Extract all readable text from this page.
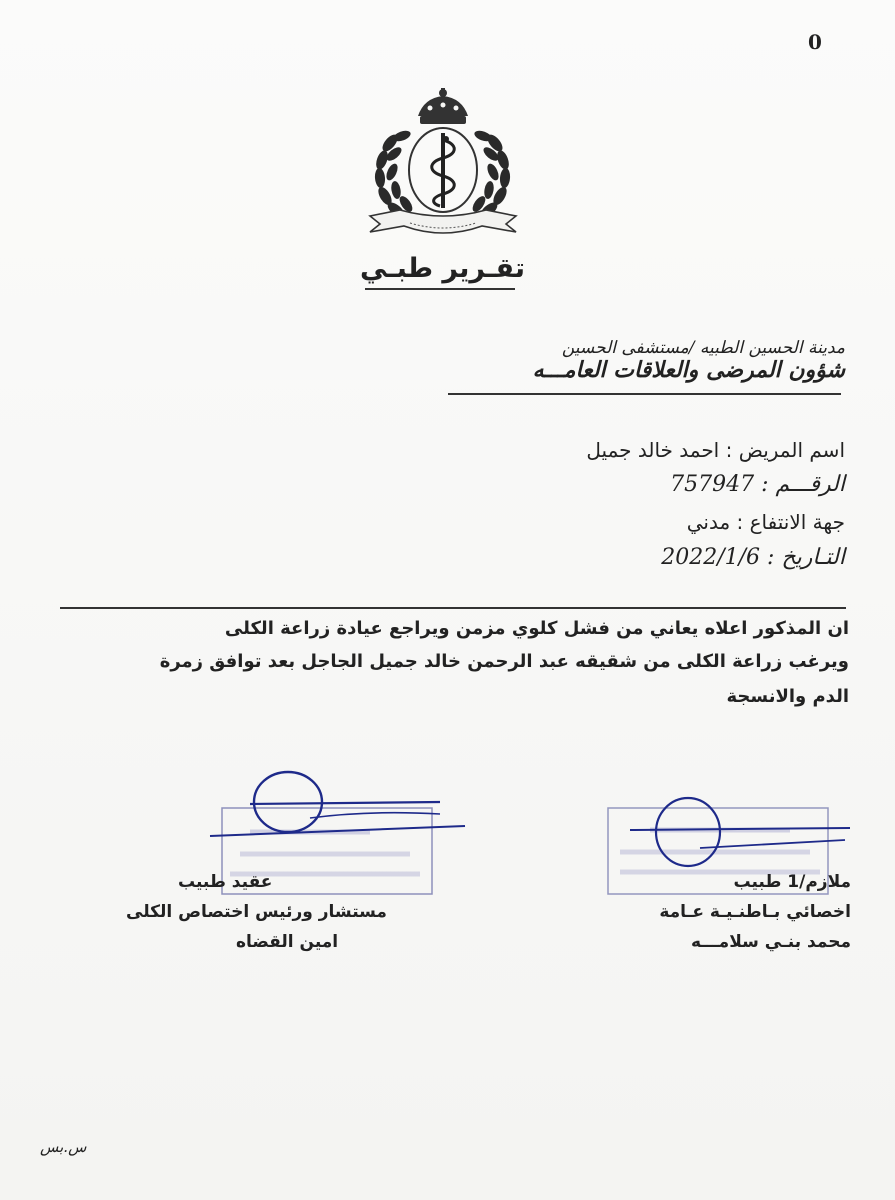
0
تقـرير طبـي
مدينة الحسين الطبيه /مستشفى الحسين
شؤون المرضى والعلاقات العامـــه
اسم المريض : احمد خالد جميل
الرقـــم : 757947
جهة الانتفاع : مدني
التـاريخ : 2022/1/6
ان المذكور اعلاه يعاني من فشل كلوي مزمن ويراجع عيادة زراعة الكلى
ويرغب زراعة الكلى من شقيقه عبد الرحمن خالد جميل الجاجل بعد توافق زمرة
الدم والانسجة
عقيد طبيب
مستشار ورئيس اختصاص الكلى
امين القضاه
ملازم/1 طبيب
اخصائي بـاطنـيـة عـامة
محمد بنـي سلامـــه
س.بس
